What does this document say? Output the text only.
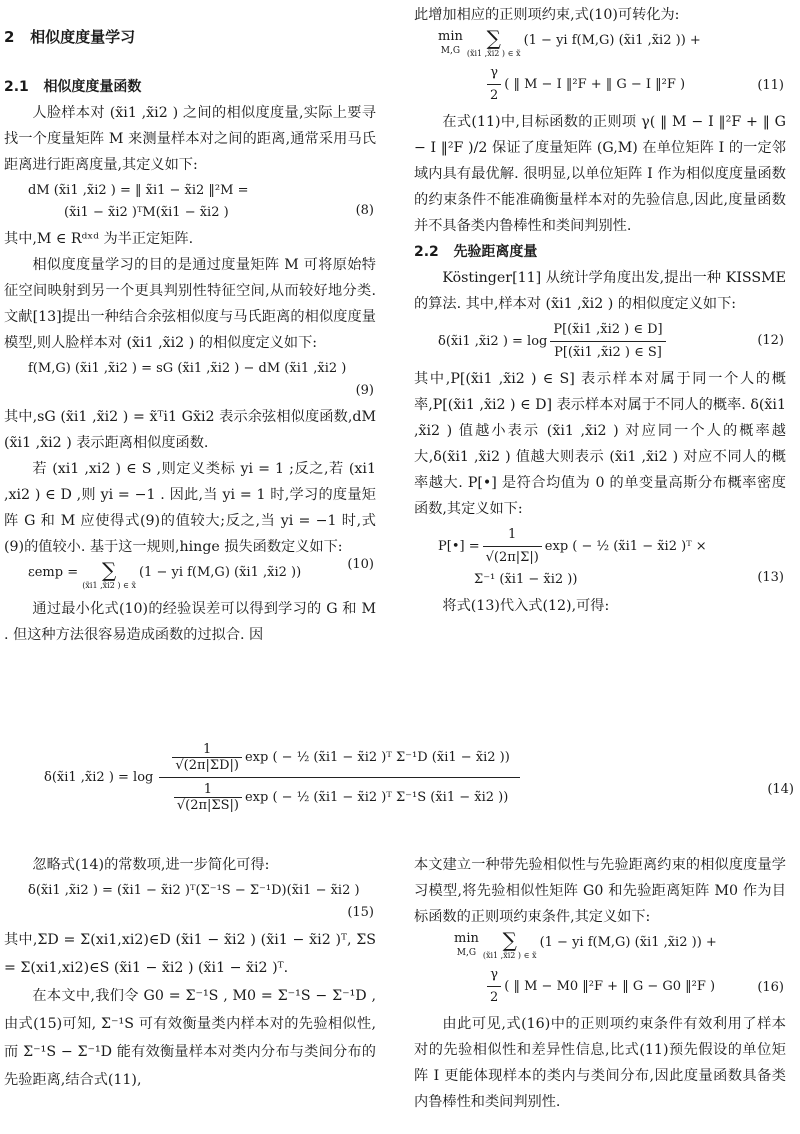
2 相似度度量学习
2.1 相似度度量函数

人脸样本对 (x̃i1 ,x̃i2 ) 之间的相似度度量,实际上要寻找一个度量矩阵 M 来测量样本对之间的距离,通常采用马氏距离进行距离度量,其定义如下:

dM (x̃i1 ,x̃i2 ) = ‖ x̃i1 − x̃i2 ‖²M =
(x̃i1 − x̃i2 )ᵀM(x̃i1 − x̃i2 )	(8)

其中,M ∈ Rᵈˣᵈ 为半正定矩阵.

相似度度量学习的目的是通过度量矩阵 M 可将原始特征空间映射到另一个更具判别性特征空间,从而较好地分类.文献[13]提出一种结合余弦相似度与马氏距离的相似度度量模型,则人脸样本对 (x̃i1 ,x̃i2 ) 的相似度定义如下:

f(M,G) (x̃i1 ,x̃i2 ) = sG (x̃i1 ,x̃i2 ) − dM (x̃i1 ,x̃i2 )
(9)

其中,sG (x̃i1 ,x̃i2 ) = x̃ᵀi1 Gx̃i2 表示余弦相似度函数,dM (x̃i1 ,x̃i2 ) 表示距离相似度函数.

若 (xi1 ,xi2 ) ∈ S ,则定义类标 yi = 1 ;反之,若 (xi1 ,xi2 ) ∈ D ,则 yi = −1 . 因此,当 yi = 1 时,学习的度量矩阵 G 和 M 应使得式(9)的值较大;反之,当 yi = −1 时,式(9)的值较小. 基于这一规则,hinge 损失函数定义如下:

εemp =
∑
(x̃i1 ,x̃i2 ) ∈ x̃
(1 − yi f(M,G) (x̃i1 ,x̃i2 ))
(10)

通过最小化式(10)的经验误差可以得到学习的 G 和 M . 但这种方法很容易造成函数的过拟合. 因

此增加相应的正则项约束,式(10)可转化为:

min
M,G
∑
(x̃i1 ,x̃i2 ) ∈ x̃
(1 − yi f(M,G) (x̃i1 ,x̃i2 )) +
$\frac{\gamma}{2}$ ( ‖ M − I ‖²F + ‖ G − I ‖²F )	(11)

在式(11)中,目标函数的正则项 γ( ‖ M − I ‖²F + ‖ G − I ‖²F )/2 保证了度量矩阵 (G,M) 在单位矩阵 I 的一定邻域内具有最优解. 很明显,以单位矩阵 I 作为相似度度量函数的约束条件不能准确衡量样本对的先验信息,因此,度量函数并不具备类内鲁棒性和类间判别性.

2.2 先验距离度量

Köstinger[11] 从统计学角度出发,提出一种 KISSME 的算法. 其中,样本对 (x̃i1 ,x̃i2 ) 的相似度定义如下:

δ(x̃i1 ,x̃i2 ) = $\log \frac{P[(x̃i1 ,x̃i2 ) \in D]}{P[(x̃i1 ,x̃i2 ) \in S]}$	(12)

其中,P[(x̃i1 ,x̃i2 ) ∈ S] 表示样本对属于同一个人的概率,P[(x̃i1 ,x̃i2 ) ∈ D] 表示样本对属于不同人的概率. δ(x̃i1 ,x̃i2 ) 值越小表示 (x̃i1 ,x̃i2 ) 对应同一个人的概率越大,δ(x̃i1 ,x̃i2 ) 值越大则表示 (x̃i1 ,x̃i2 ) 对应不同人的概率越大. P[•] 是符合均值为 0 的单变量高斯分布概率密度函数,其定义如下:

P[•] = $\frac{1}{√(2\pi|\Sigma|)}$ exp ( − ½ (x̃i1 − x̃i2 )ᵀ ×
Σ⁻¹ (x̃i1 − x̃i2 ))	(13)

将式(13)代入式(12),可得:

δ(x̃i1 ,x̃i2 ) = log
$\frac{1}{√(2\pi|\Sigma D|)}$ exp ( − ½ (x̃i1 − x̃i2 )ᵀ Σ⁻¹D (x̃i1 − x̃i2 ))
$\frac{1}{√(2\pi|\Sigma S|)}$ exp ( − ½ (x̃i1 − x̃i2 )ᵀ Σ⁻¹S (x̃i1 − x̃i2 ))
(14)

忽略式(14)的常数项,进一步简化可得:

δ(x̃i1 ,x̃i2 ) = (x̃i1 − x̃i2 )ᵀ(Σ⁻¹S − Σ⁻¹D)(x̃i1 − x̃i2 )
(15)

其中,ΣD = Σ(xi1,xi2)∈D (x̃i1 − x̃i2 ) (x̃i1 − x̃i2 )ᵀ, ΣS = Σ(xi1,xi2)∈S (x̃i1 − x̃i2 ) (x̃i1 − x̃i2 )ᵀ.

在本文中,我们令 G0 = Σ⁻¹S , M0 = Σ⁻¹S − Σ⁻¹D ,由式(15)可知, Σ⁻¹S 可有效衡量类内样本对的先验相似性,而 Σ⁻¹S − Σ⁻¹D 能有效衡量样本对类内分布与类间分布的先验距离,结合式(11),

本文建立一种带先验相似性与先验距离约束的相似度度量学习模型,将先验相似性矩阵 G0 和先验距离矩阵 M0 作为目标函数的正则项约束条件,其定义如下:

min
M,G
∑
(x̃i1 ,x̃i2 ) ∈ x̃
(1 − yi f(M,G) (x̃i1 ,x̃i2 )) +
$\frac{\gamma}{2}$ ( ‖ M − M0 ‖²F + ‖ G − G0 ‖²F )	(16)

由此可见,式(16)中的正则项约束条件有效利用了样本对的先验相似性和差异性信息,比式(11)预先假设的单位矩阵 I 更能体现样本的类内与类间分布,因此度量函数具备类内鲁棒性和类间判别性.
